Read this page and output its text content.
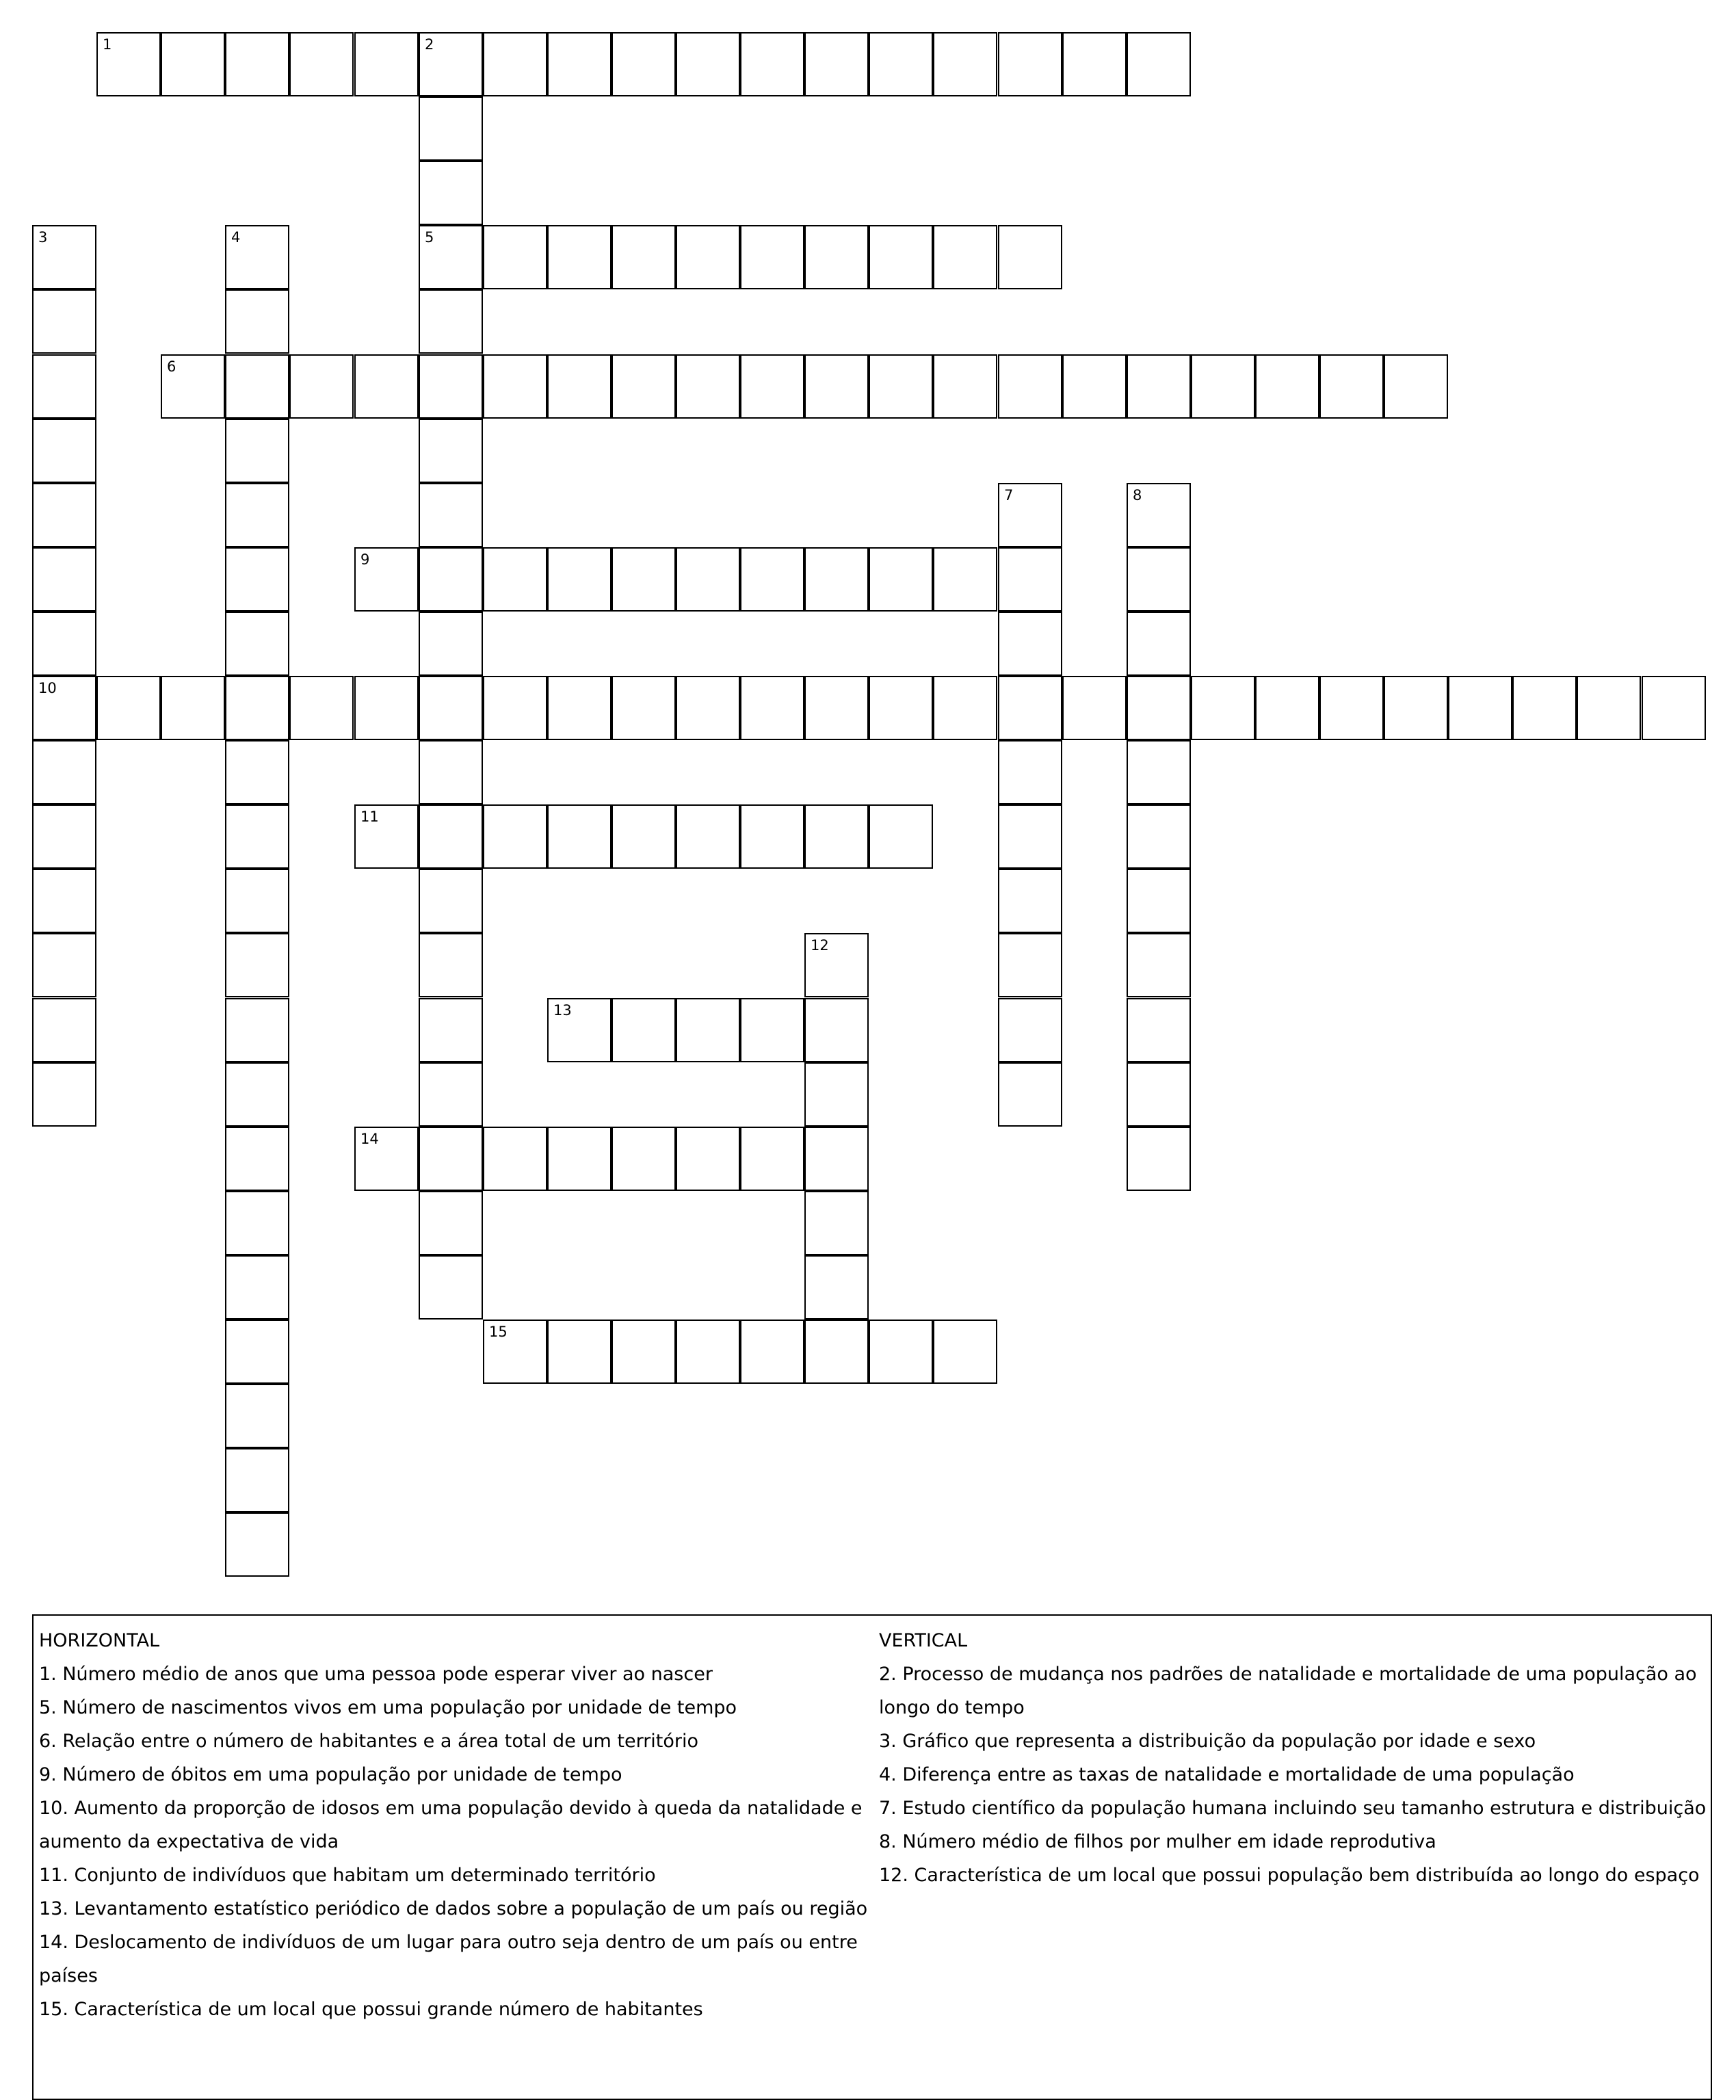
1	2
5
3
10
4
6
7	8
9
11
12
13
14
15
HORIZONTAL
1. Número médio de anos que uma pessoa pode esperar viver ao nascer
5. Número de nascimentos vivos em uma população por unidade de tempo
6. Relação entre o número de habitantes e a área total de um território
9. Número de óbitos em uma população por unidade de tempo
10. Aumento da proporção de idosos em uma população devido à queda da natalidade e aumento da expectativa de vida
11. Conjunto de indivíduos que habitam um determinado território
13. Levantamento estatístico periódico de dados sobre a população de um país ou região
14. Deslocamento de indivíduos de um lugar para outro seja dentro de um país ou entre países
15. Característica de um local que possui grande número de habitantes
VERTICAL
2. Processo de mudança nos padrões de natalidade e mortalidade de uma população ao longo do tempo
3. Gráfico que representa a distribuição da população por idade e sexo
4. Diferença entre as taxas de natalidade e mortalidade de uma população
7. Estudo científico da população humana incluindo seu tamanho estrutura e distribuição
8. Número médio de filhos por mulher em idade reprodutiva
12. Característica de um local que possui população bem distribuída ao longo do espaço
